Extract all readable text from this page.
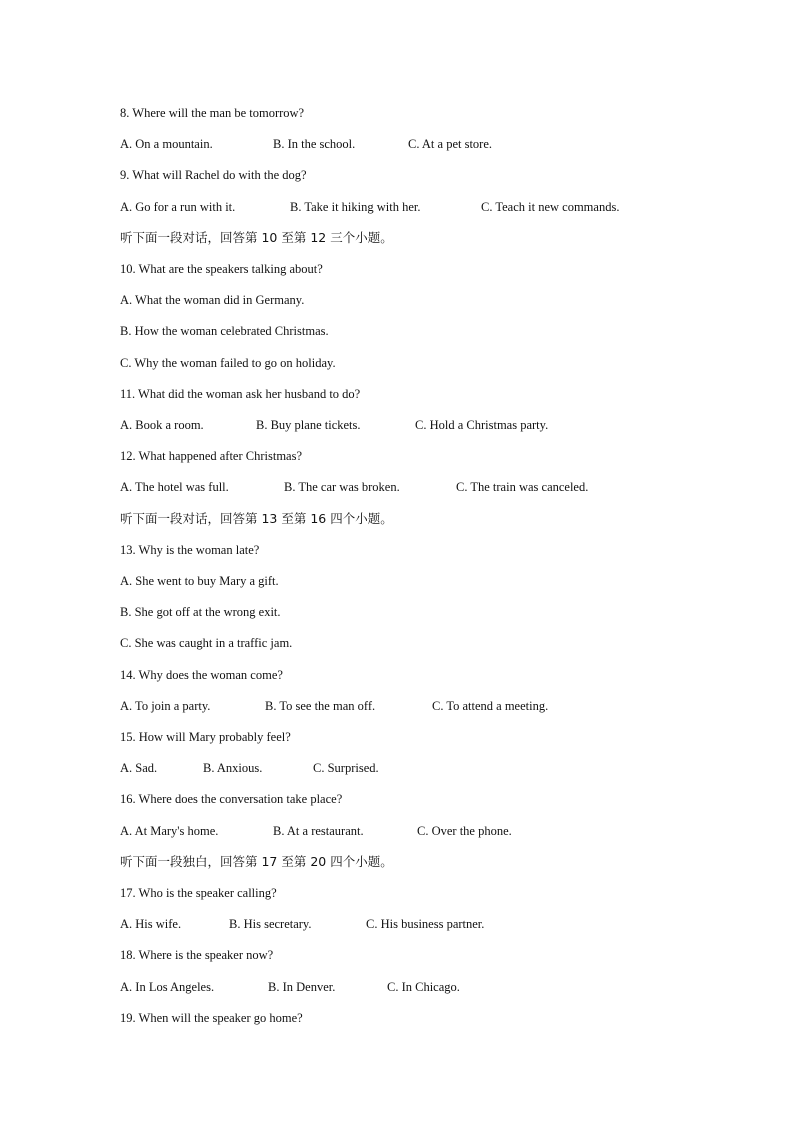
8. Where will the man be tomorrow?
A. On a mountain.	B. In the school.	C. At a pet store.
9. What will Rachel do with the dog?
A. Go for a run with it.	B. Take it hiking with her.	C. Teach it new commands.
听下面一段对话，回答第 10 至第 12 三个小题。
10. What are the speakers talking about?
A. What the woman did in Germany.
B. How the woman celebrated Christmas.
C. Why the woman failed to go on holiday.
11. What did the woman ask her husband to do?
A. Book a room.	B. Buy plane tickets.	C. Hold a Christmas party.
12. What happened after Christmas?
A. The hotel was full.	B. The car was broken.	C. The train was canceled.
听下面一段对话，回答第 13 至第 16 四个小题。
13. Why is the woman late?
A. She went to buy Mary a gift.
B. She got off at the wrong exit.
C. She was caught in a traffic jam.
14. Why does the woman come?
A. To join a party.	B. To see the man off.	C. To attend a meeting.
15. How will Mary probably feel?
A. Sad.	B. Anxious.	C. Surprised.
16. Where does the conversation take place?
A. At Mary's home.	B. At a restaurant.	C. Over the phone.
听下面一段独白，回答第 17 至第 20 四个小题。
17. Who is the speaker calling?
A. His wife.	B. His secretary.	C. His business partner.
18. Where is the speaker now?
A. In Los Angeles.	B. In Denver.	C. In Chicago.
19. When will the speaker go home?
